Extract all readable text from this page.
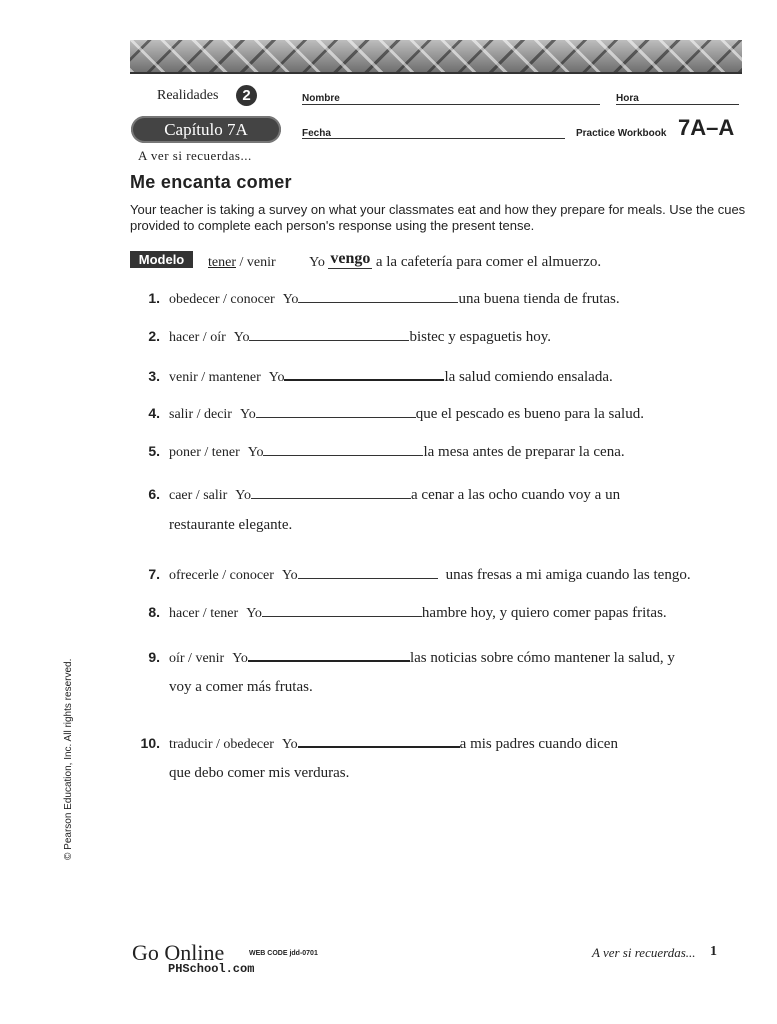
Realidades	2	Nombre	Hora
Capítulo 7A	Fecha	Practice Workbook 7A–A
A ver si recuerdas...
Me encanta comer
Your teacher is taking a survey on what your classmates eat and how they prepare for meals. Use the cues provided to complete each person's response using the present tense.
Modelo	tener / venir Yo vengo a la cafetería para comer el almuerzo.
1. obedecer / conocer Yo	una buena tienda de frutas.
2. hacer / oír Yo	bistec y espaguetis hoy.
3. venir / mantener Yo	la salud comiendo ensalada.
4. salir / decir Yo	que el pescado es bueno para la salud.
5. poner / tener Yo	la mesa antes de preparar la cena.
6. caer / salir Yo	a cenar a las ocho cuando voy a un
restaurante elegante.
7. ofrecerle / conocer Yo	unas fresas a mi amiga cuando las tengo.
8. hacer / tener Yo	hambre hoy, y quiero comer papas fritas.
9. oír / venir Yo	las noticias sobre cómo mantener la salud, y
voy a comer más frutas.
10. traducir / obedecer Yo	a mis padres cuando dicen
que debo comer mis verduras.
© Pearson Education, Inc. All rights reserved.
Go Online	WEB CODE jdd-0701
PHSchool.com
A ver si recuerdas... 1
